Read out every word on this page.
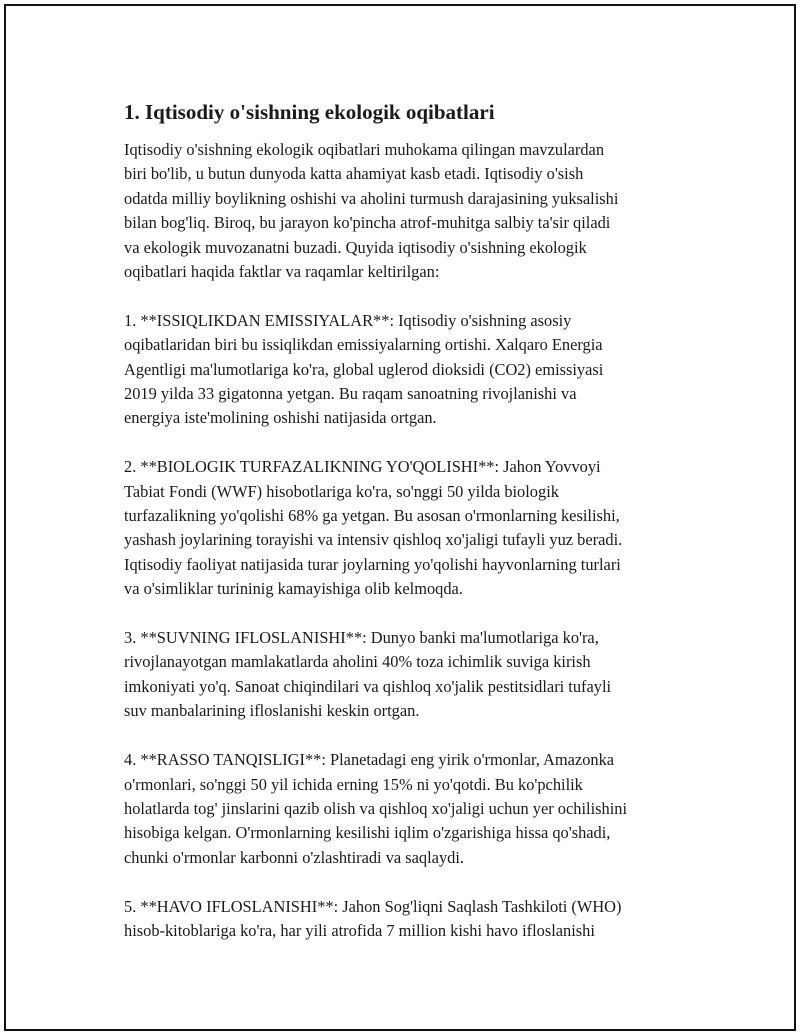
1. Iqtisodiy o'sishning ekologik oqibatlari

Iqtisodiy o'sishning ekologik oqibatlari muhokama qilingan mavzulardan
biri bo'lib, u butun dunyoda katta ahamiyat kasb etadi. Iqtisodiy o'sish
odatda milliy boylikning oshishi va aholini turmush darajasining yuksalishi
bilan bog'liq. Biroq, bu jarayon ko'pincha atrof-muhitga salbiy ta'sir qiladi
va ekologik muvozanatni buzadi. Quyida iqtisodiy o'sishning ekologik
oqibatlari haqida faktlar va raqamlar keltirilgan:

1. **ISSIQLIKDAN EMISSIYALAR**: Iqtisodiy o'sishning asosiy
oqibatlaridan biri bu issiqlikdan emissiyalarning ortishi. Xalqaro Energia
Agentligi ma'lumotlariga ko'ra, global uglerod dioksidi (CO2) emissiyasi
2019 yilda 33 gigatonna yetgan. Bu raqam sanoatning rivojlanishi va
energiya iste'molining oshishi natijasida ortgan.

2. **BIOLOGIK TURFAZALIKNING YO'QOLISHI**: Jahon Yovvoyi
Tabiat Fondi (WWF) hisobotlariga ko'ra, so'nggi 50 yilda biologik
turfazalikning yo'qolishi 68% ga yetgan. Bu asosan o'rmonlarning kesilishi,
yashash joylarining torayishi va intensiv qishloq xo'jaligi tufayli yuz beradi.
Iqtisodiy faoliyat natijasida turar joylarning yo'qolishi hayvonlarning turlari
va o'simliklar turininig kamayishiga olib kelmoqda.

3. **SUVNING IFLOSLANISHI**: Dunyo banki ma'lumotlariga ko'ra,
rivojlanayotgan mamlakatlarda aholini 40% toza ichimlik suviga kirish
imkoniyati yo'q. Sanoat chiqindilari va qishloq xo'jalik pestitsidlari tufayli
suv manbalarining ifloslanishi keskin ortgan.

4. **RASSO TANQISLIGI**: Planetadagi eng yirik o'rmonlar, Amazonka
o'rmonlari, so'nggi 50 yil ichida erning 15% ni yo'qotdi. Bu ko'pchilik
holatlarda tog' jinslarini qazib olish va qishloq xo'jaligi uchun yer ochilishini
hisobiga kelgan. O'rmonlarning kesilishi iqlim o'zgarishiga hissa qo'shadi,
chunki o'rmonlar karbonni o'zlashtiradi va saqlaydi.

5. **HAVO IFLOSLANISHI**: Jahon Sog'liqni Saqlash Tashkiloti (WHO)
hisob-kitoblariga ko'ra, har yili atrofida 7 million kishi havo ifloslanishi
